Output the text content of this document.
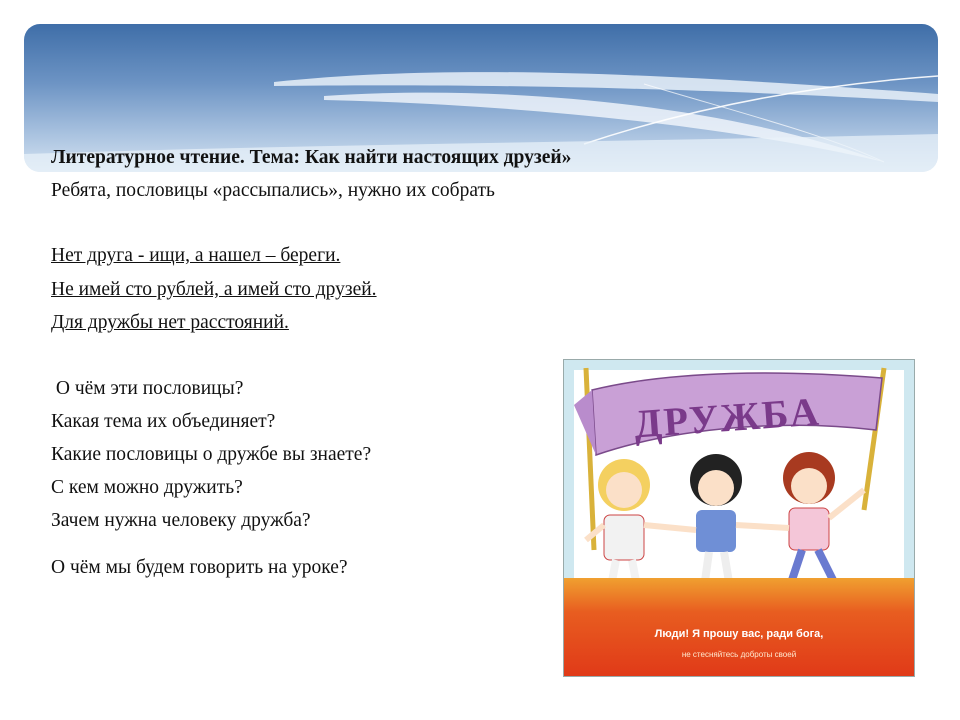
Литературное чтение. Тема: Как найти настоящих друзей»
Ребята, пословицы «рассыпались», нужно их собрать
Нет друга - ищи, а нашел – береги.
Не имей сто рублей, а имей сто друзей.
Для дружбы нет расстояний.
О чём эти пословицы?
Какая тема их объединяет?
Какие пословицы о дружбе вы знаете?
С кем можно дружить?
Зачем нужна человеку дружба?
О чём мы будем говорить на уроке?
ДРУЖБА
Люди! Я прошу вас, ради бога,
не стесняйтесь доброты своей
